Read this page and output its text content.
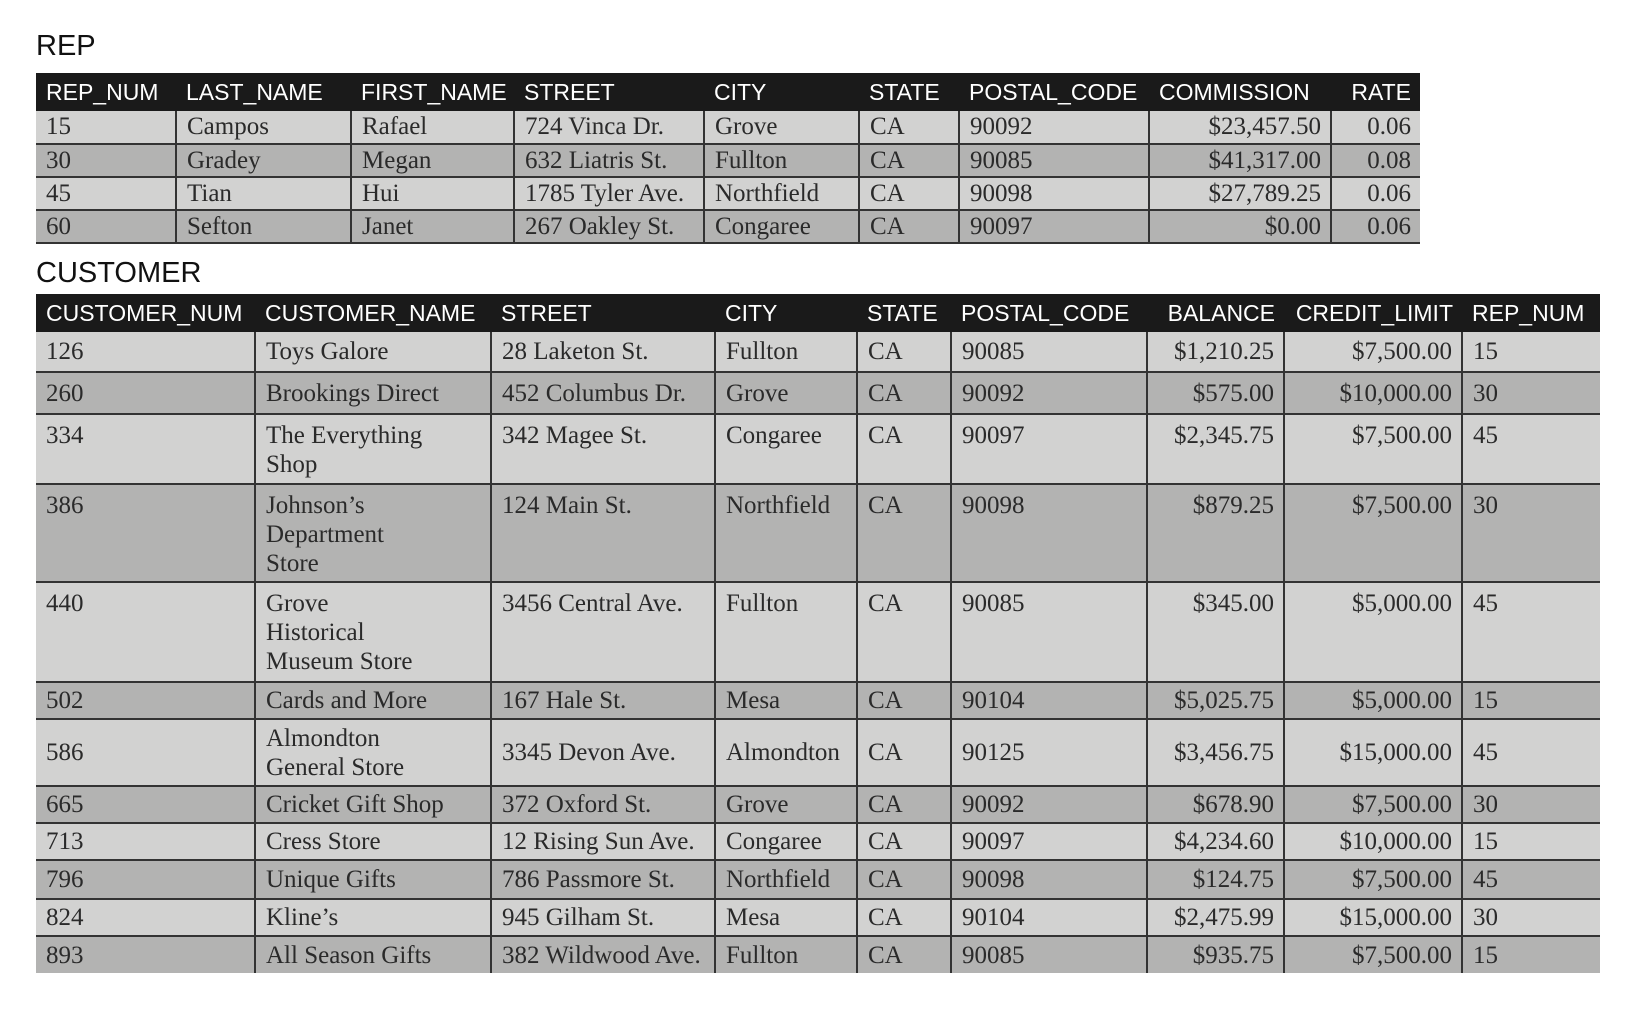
REP
REP_NUM	LAST_NAME	FIRST_NAME	STREET	CITY	STATE	POSTAL_CODE	COMMISSION	RATE
15	Campos	Rafael	724 Vinca Dr.	Grove	CA	90092	$23,457.50	0.06
30	Gradey	Megan	632 Liatris St.	Fullton	CA	90085	$41,317.00	0.08
45	Tian	Hui	1785 Tyler Ave.	Northfield	CA	90098	$27,789.25	0.06
60	Sefton	Janet	267 Oakley St.	Congaree	CA	90097	$0.00	0.06
CUSTOMER
CUSTOMER_NUM	CUSTOMER_NAME	STREET	CITY	STATE	POSTAL_CODE	BALANCE	CREDIT_LIMIT	REP_NUM
126	Toys Galore	28 Laketon St.	Fullton	CA	90085	$1,210.25	$7,500.00	15
260	Brookings Direct	452 Columbus Dr.	Grove	CA	90092	$575.00	$10,000.00	30
334	The Everything Shop	342 Magee St.	Congaree	CA	90097	$2,345.75	$7,500.00	45
386	Johnson’s Department Store	124 Main St.	Northfield	CA	90098	$879.25	$7,500.00	30
440	Grove Historical Museum Store	3456 Central Ave.	Fullton	CA	90085	$345.00	$5,000.00	45
502	Cards and More	167 Hale St.	Mesa	CA	90104	$5,025.75	$5,000.00	15
586	Almondton General Store	3345 Devon Ave.	Almondton	CA	90125	$3,456.75	$15,000.00	45
665	Cricket Gift Shop	372 Oxford St.	Grove	CA	90092	$678.90	$7,500.00	30
713	Cress Store	12 Rising Sun Ave.	Congaree	CA	90097	$4,234.60	$10,000.00	15
796	Unique Gifts	786 Passmore St.	Northfield	CA	90098	$124.75	$7,500.00	45
824	Kline’s	945 Gilham St.	Mesa	CA	90104	$2,475.99	$15,000.00	30
893	All Season Gifts	382 Wildwood Ave.	Fullton	CA	90085	$935.75	$7,500.00	15
